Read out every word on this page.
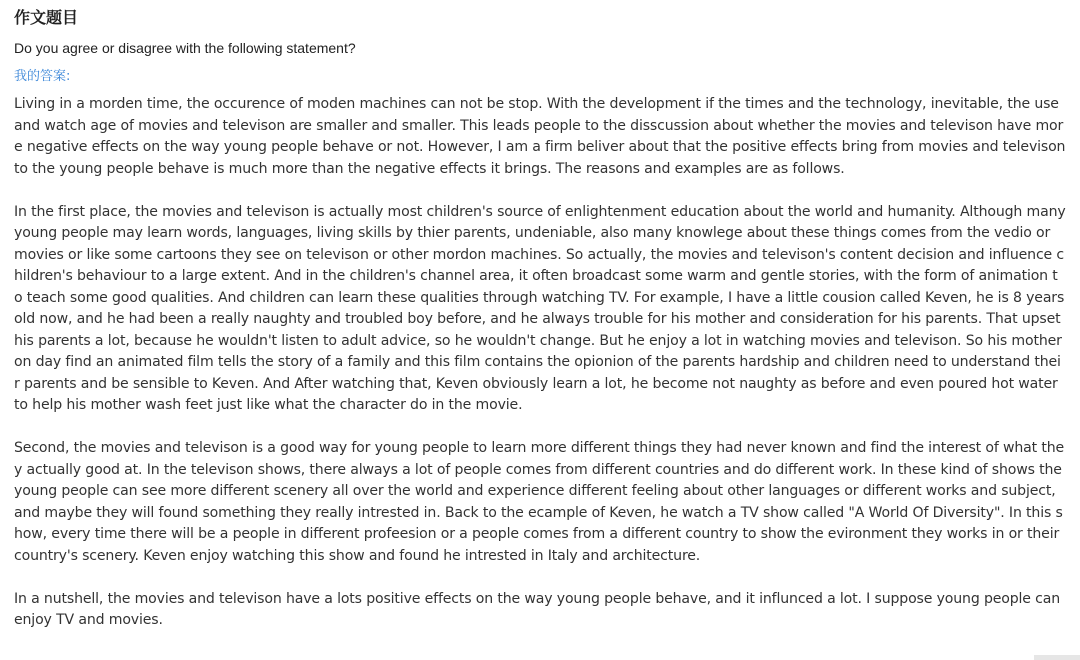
作文题目
Do you agree or disagree with the following statement?
我的答案:

Living in a morden time, the occurence of moden machines can not be stop. With the development if the times and the technology, inevitable, the use and watch age of movies and televison are smaller and smaller. This leads people to the disscussion about whether the movies and televison have more negative effects on the way young people behave or not. However, I am a firm beliver about that the positive effects bring from movies and televison to the young people behave is much more than the negative effects it brings. The reasons and examples are as follows.

In the first place, the movies and televison is actually most children's source of enlightenment education about the world and humanity. Although many young people may learn words, languages, living skills by thier parents, undeniable, also many knowlege about these things comes from the vedio or movies or like some cartoons they see on televison or other mordon machines. So actually, the movies and televison's content decision and influence children's behaviour to a large extent. And in the children's channel area, it often broadcast some warm and gentle stories, with the form of animation to teach some good qualities. And children can learn these qualities through watching TV. For example, I have a little cousion called Keven, he is 8 years old now, and he had been a really naughty and troubled boy before, and he always trouble for his mother and consideration for his parents. That upset his parents a lot, because he wouldn't listen to adult advice, so he wouldn't change. But he enjoy a lot in watching movies and televison. So his mother on day find an animated film tells the story of a family and this film contains the opionion of the parents hardship and children need to understand their parents and be sensible to Keven. And After watching that, Keven obviously learn a lot, he become not naughty as before and even poured hot water to help his mother wash feet just like what the character do in the movie.

Second, the movies and televison is a good way for young people to learn more different things they had never known and find the interest of what they actually good at. In the televison shows, there always a lot of people comes from different countries and do different work. In these kind of shows the young people can see more different scenery all over the world and experience different feeling about other languages or different works and subject, and maybe they will found something they really intrested in. Back to the ecample of Keven, he watch a TV show called "A World Of Diversity". In this show, every time there will be a people in different profeesion or a people comes from a different country to show the evironment they works in or their country's scenery. Keven enjoy watching this show and found he intrested in Italy and architecture.

In a nutshell, the movies and televison have a lots positive effects on the way young people behave, and it influnced a lot. I suppose young people can enjoy TV and movies.
